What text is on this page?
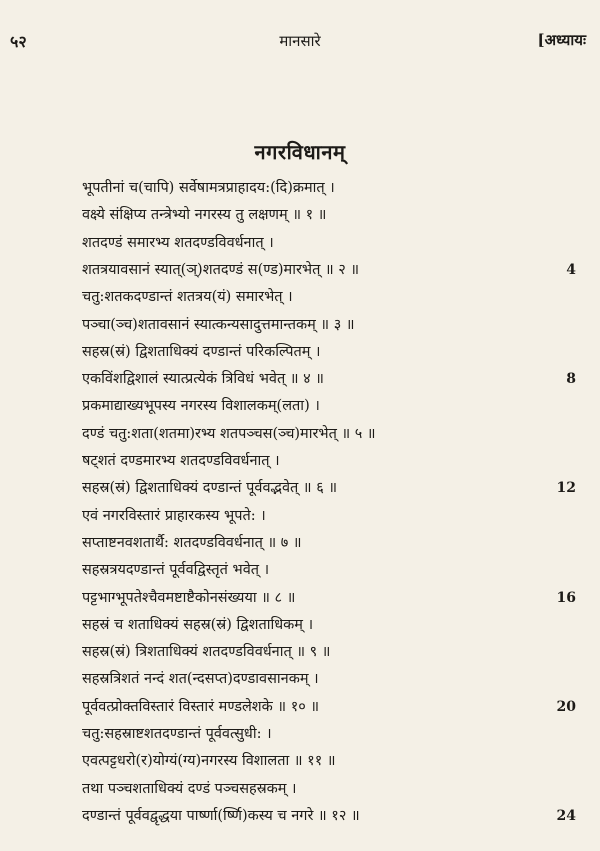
५२	मानसारे	[अध्यायः
नगरविधानम्
भूपतीनां च(चापि) सर्वेषामत्रप्राहादय:(दि)क्रमात् ।
वक्ष्ये संक्षिप्य तन्त्रेभ्यो नगरस्य तु लक्षणम् ॥ १ ॥
शतदण्डं समारभ्य शतदण्डविवर्धनात् ।
शतत्रयावसानं स्यात्(ञ्)शतदण्डं स(ण्ड)मारभेत् ॥ २ ॥	4
चतु:शतकदण्डान्तं शतत्रय(यं) समारभेत् ।
पञ्चा(ञ्च)शतावसानं स्यात्कन्यसादुत्तमान्तकम् ॥ ३ ॥
सहस्र(स्रं) द्विशताधिक्यं दण्डान्तं परिकल्पितम् ।
एकविंशद्विशालं स्यात्प्रत्येकं त्रिविधं भवेत् ॥ ४ ॥	8
प्रकमाद्याख्यभूपस्य नगरस्य विशालकम्(लता) ।
दण्डं चतु:शता(शतमा)रभ्य शतपञ्चस(ञ्च)मारभेत् ॥ ५ ॥
षट्शतं दण्डमारभ्य शतदण्डविवर्धनात् ।
सहस्र(स्रं) द्विशताधिक्यं दण्डान्तं पूर्ववद्भवेत् ॥ ६ ॥	12
एवं नगरविस्तारं प्राहारकस्य भूपते: ।
सप्ताष्टनवशतार्थै: शतदण्डविवर्धनात् ॥ ७ ॥
सहस्रत्रयदण्डान्तं पूर्ववद्विस्तृतं भवेत् ।
पट्टभाग्भूपतेश्चैवमष्टाष्टैकोनसंख्यया ॥ ८ ॥	16
सहस्रं च शताधिक्यं सहस्र(स्रं) द्विशताधिकम् ।
सहस्र(स्रं) त्रिशताधिक्यं शतदण्डविवर्धनात् ॥ ९ ॥
सहस्रत्रिशतं नन्दं शत(न्दसप्त)दण्डावसानकम् ।
पूर्ववत्प्रोक्तविस्तारं विस्तारं मण्डलेशके ॥ १० ॥	20
चतु:सहस्राष्टशतदण्डान्तं पूर्ववत्सुधी: ।
एवत्पट्टधरो(र)योग्यं(ग्य)नगरस्य विशालता ॥ ११ ॥
तथा पञ्चशताधिक्यं दण्डं पञ्चसहस्रकम् ।
दण्डान्तं पूर्ववद्वृद्धया पार्ष्णा(र्ष्णि)कस्य च नगरे ॥ १२ ॥	24
